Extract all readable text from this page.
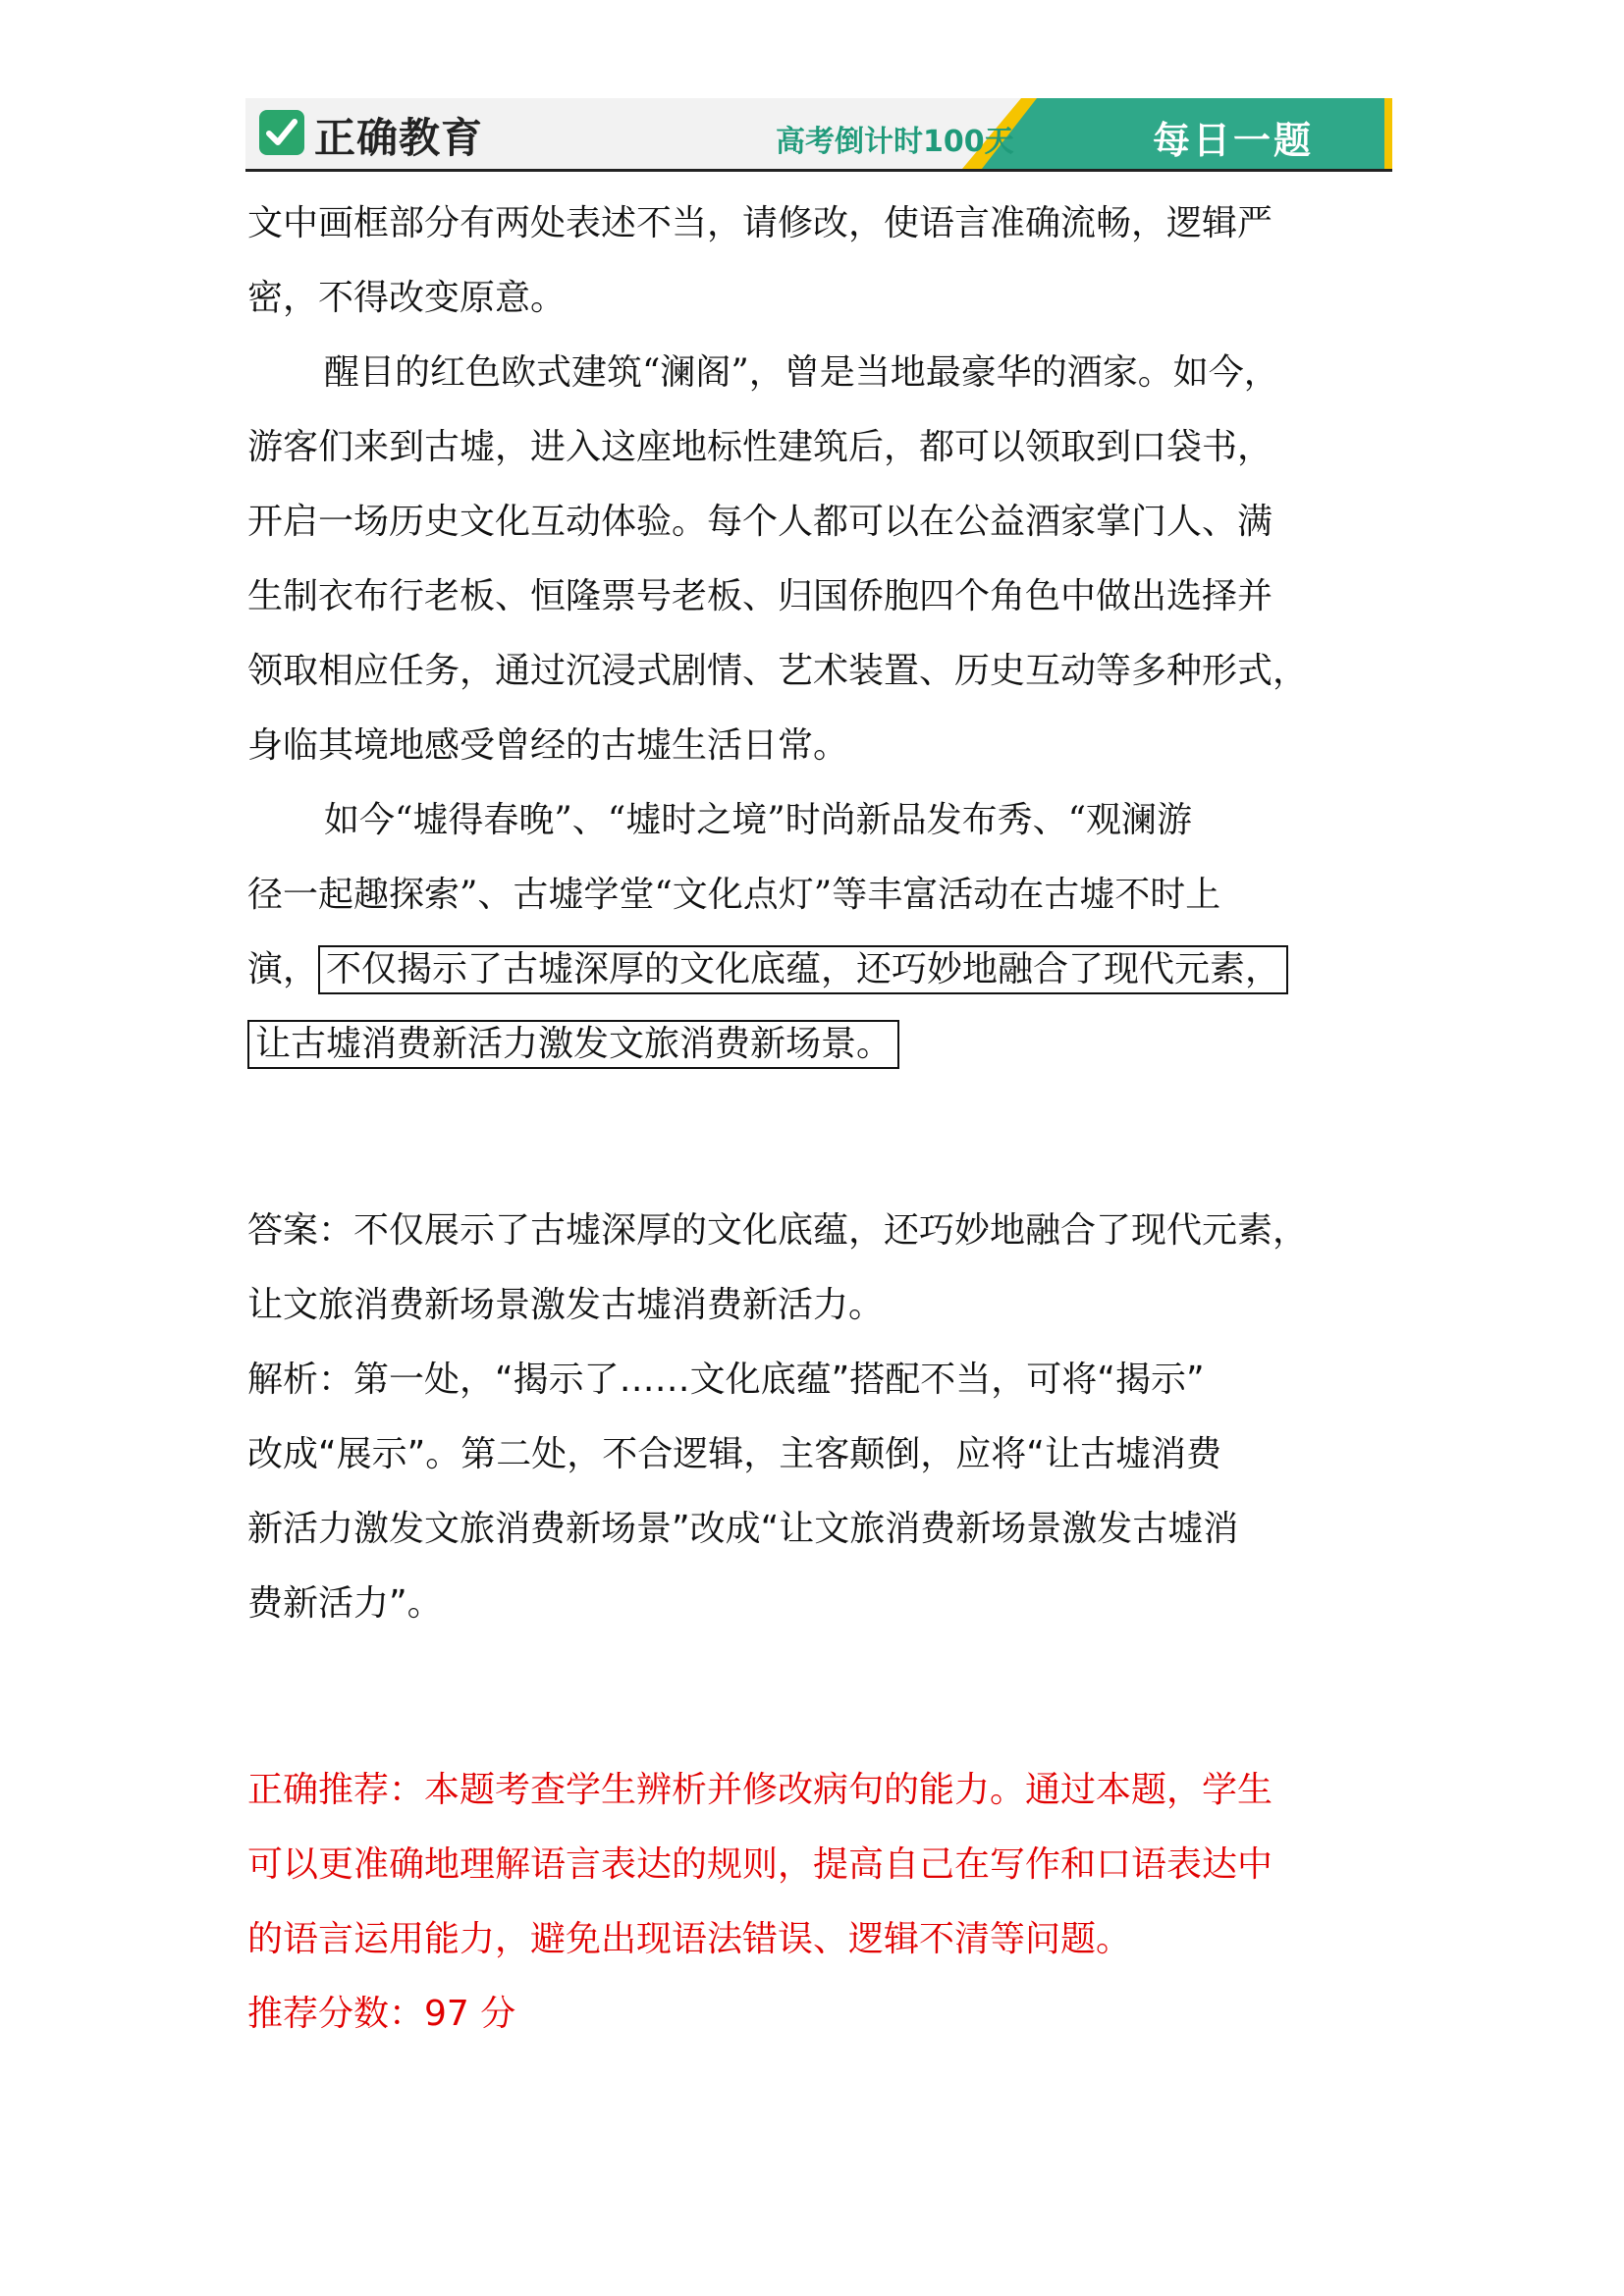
正确教育	高考倒计时100天	每日一题
文中画框部分有两处表述不当，请修改，使语言准确流畅，逻辑严
密，不得改变原意。
醒目的红色欧式建筑“澜阁”，曾是当地最豪华的酒家。如今，
游客们来到古墟，进入这座地标性建筑后，都可以领取到口袋书，
开启一场历史文化互动体验。每个人都可以在公益酒家掌门人、满
生制衣布行老板、恒隆票号老板、归国侨胞四个角色中做出选择并
领取相应任务，通过沉浸式剧情、艺术装置、历史互动等多种形式，
身临其境地感受曾经的古墟生活日常。
如今“墟得春晚”、“墟时之境”时尚新品发布秀、“观澜游
径一起趣探索”、古墟学堂“文化点灯”等丰富活动在古墟不时上
演， 不仅揭示了古墟深厚的文化底蕴，还巧妙地融合了现代元素，
让古墟消费新活力激发文旅消费新场景。
答案：不仅展示了古墟深厚的文化底蕴，还巧妙地融合了现代元素，
让文旅消费新场景激发古墟消费新活力。
解析：第一处，“揭示了……文化底蕴”搭配不当，可将“揭示”
改成“展示”。第二处，不合逻辑，主客颠倒，应将“让古墟消费
新活力激发文旅消费新场景”改成“让文旅消费新场景激发古墟消
费新活力”。
正确推荐：本题考查学生辨析并修改病句的能力。通过本题，学生
可以更准确地理解语言表达的规则，提高自己在写作和口语表达中
的语言运用能力，避免出现语法错误、逻辑不清等问题。
推荐分数：97 分
